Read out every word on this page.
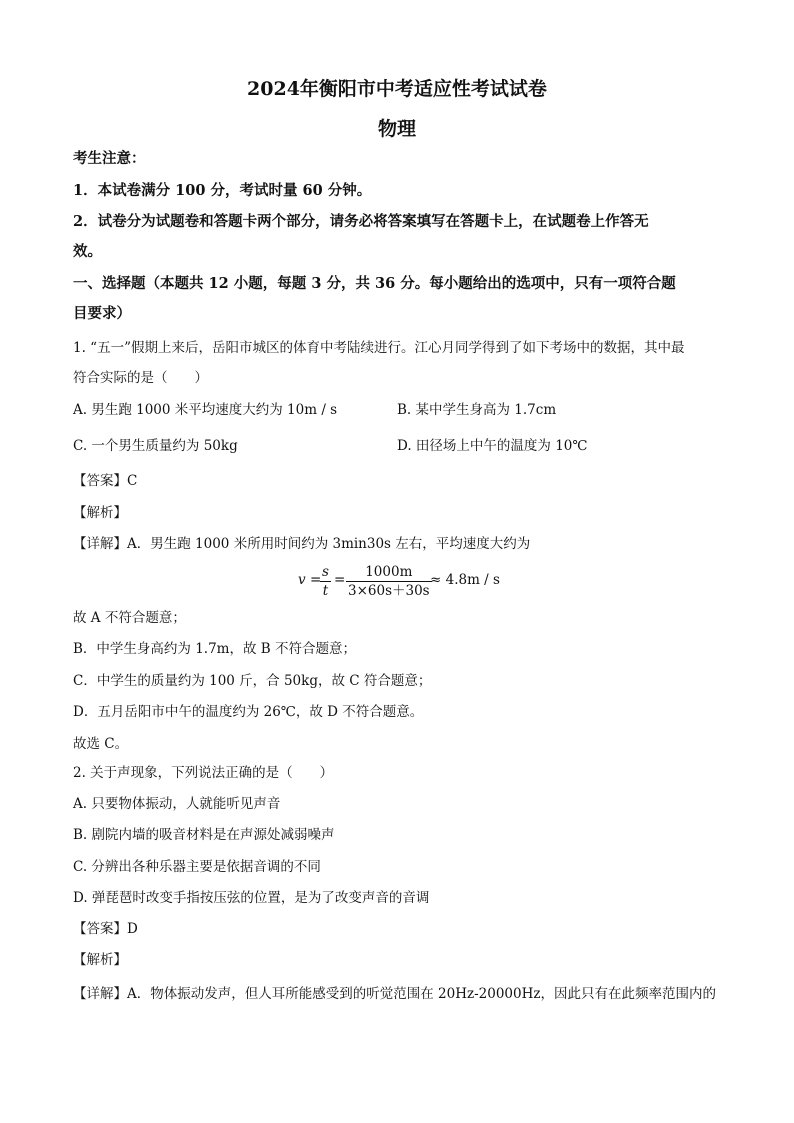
2024年衡阳市中考适应性考试试卷
物理
考生注意：
1．本试卷满分 100 分，考试时量 60 分钟。
2．试卷分为试题卷和答题卡两个部分，请务必将答案填写在答题卡上，在试题卷上作答无
效。
一、选择题（本题共 12 小题，每题 3 分，共 36 分。每小题给出的选项中，只有一项符合题
目要求）
1. “五一”假期上来后，岳阳市城区的体育中考陆续进行。江心月同学得到了如下考场中的数据，其中最
符合实际的是（　　）
A. 男生跑 1000 米平均速度大约为 10m / s	B. 某中学生身高为 1.7cm
C. 一个男生质量约为 50kg	D. 田径场上中午的温度为 10℃
【答案】C
【解析】
【详解】A．男生跑 1000 米所用时间约为 3min30s 左右，平均速度大约为
v = s
t
= 1000m
3×60s＋30s
≈ 4.8m / s
故 A 不符合题意；
B．中学生身高约为 1.7m，故 B 不符合题意；
C．中学生的质量约为 100 斤，合 50kg，故 C 符合题意；
D．五月岳阳市中午的温度约为 26℃，故 D 不符合题意。
故选 C。
2. 关于声现象，下列说法正确的是（　　）
A. 只要物体振动，人就能听见声音
B. 剧院内墙的吸音材料是在声源处减弱噪声
C. 分辨出各种乐器主要是依据音调的不同
D. 弹琵琶时改变手指按压弦的位置，是为了改变声音的音调
【答案】D
【解析】
【详解】A．物体振动发声，但人耳所能感受到的听觉范围在 20Hz-20000Hz，因此只有在此频率范围内的
